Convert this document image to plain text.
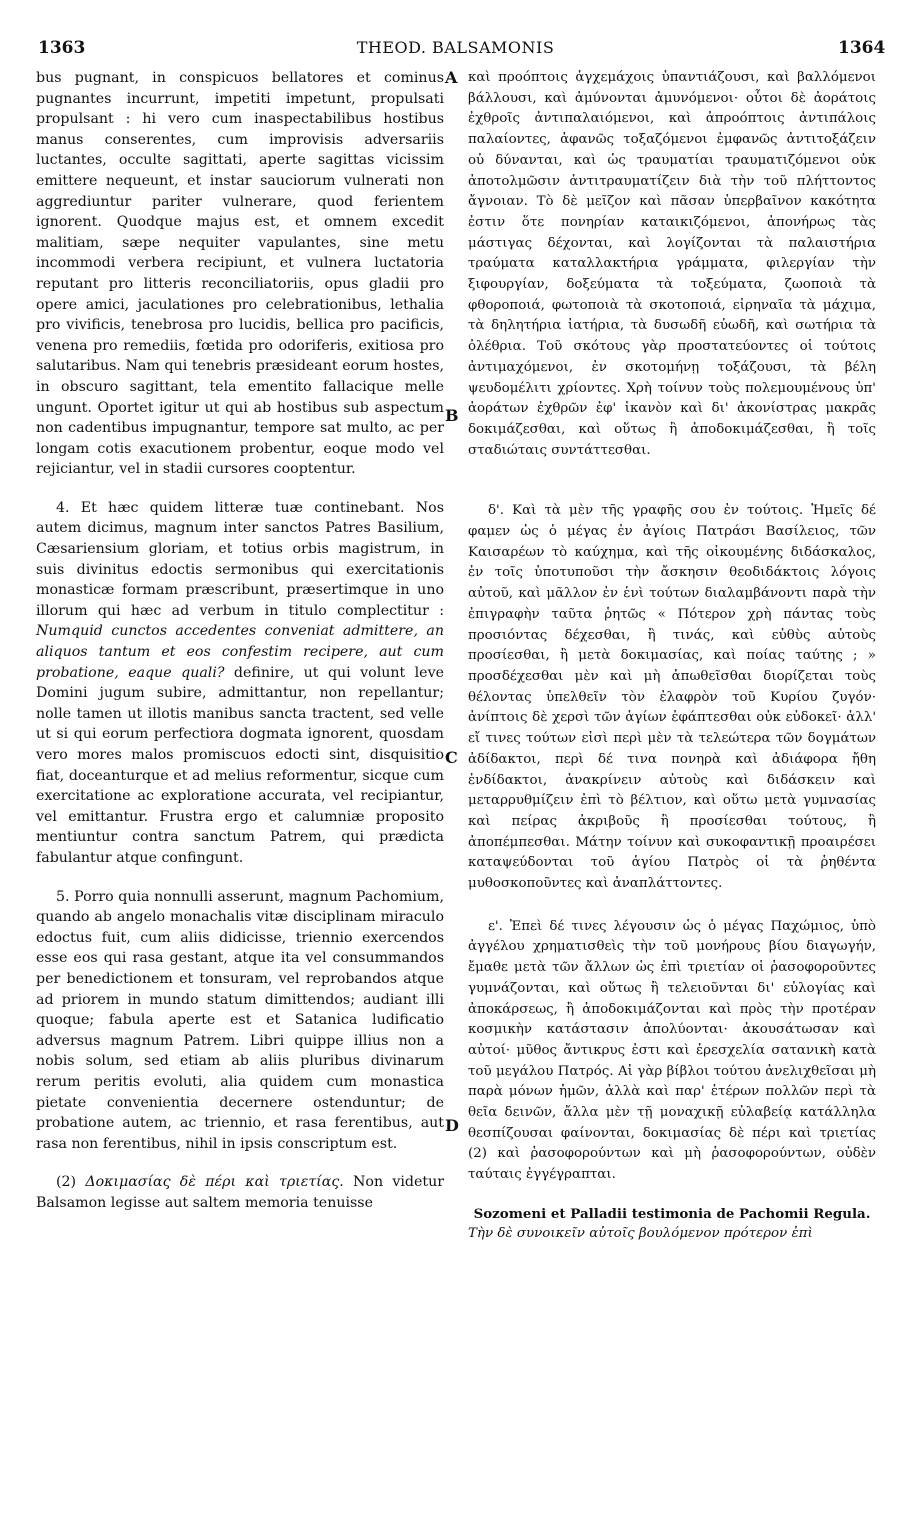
1363	THEOD. BALSAMONIS	1364
A
B
C
D

bus pugnant, in conspicuos bellatores et cominus pugnantes incurrunt, impetiti impetunt, propulsati propulsant : hi vero cum inaspectabilibus hostibus manus conserentes, cum improvisis adversariis luctantes, occulte sagittati, aperte sagittas vicissim emittere nequeunt, et instar sauciorum vulnerati non aggrediuntur pariter vulnerare, quod ferientem ignorent. Quodque majus est, et omnem excedit malitiam, sæpe nequiter vapulantes, sine metu incommodi verbera recipiunt, et vulnera luctatoria reputant pro litteris reconciliatoriis, opus gladii pro opere amici, jaculationes pro celebrationibus, lethalia pro vivificis, tenebrosa pro lucidis, bellica pro pacificis, venena pro remediis, fœtida pro odoriferis, exitiosa pro salutaribus. Nam qui tenebris præsideant eorum hostes, in obscuro sagittant, tela ementito fallacique melle ungunt. Oportet igitur ut qui ab hostibus sub aspectum non cadentibus impugnantur, tempore sat multo, ac per longam cotis exacutionem probentur, eoque modo vel rejiciantur, vel in stadii cursores cooptentur.

4. Et hæc quidem litteræ tuæ continebant. Nos autem dicimus, magnum inter sanctos Patres Basilium, Cæsariensium gloriam, et totius orbis magistrum, in suis divinitus edoctis sermonibus qui exercitationis monasticæ formam præscribunt, præsertimque in uno illorum qui hæc ad verbum in titulo complectitur : Numquid cunctos accedentes conveniat admittere, an aliquos tantum et eos confestim recipere, aut cum probatione, eaque quali? definire, ut qui volunt leve Domini jugum subire, admittantur, non repellantur; nolle tamen ut illotis manibus sancta tractent, sed velle ut si qui eorum perfectiora dogmata ignorent, quosdam vero mores malos promiscuos edocti sint, disquisitio fiat, doceanturque et ad melius reformentur, sicque cum exercitatione ac exploratione accurata, vel recipiantur, vel emittantur. Frustra ergo et calumniæ proposito mentiuntur contra sanctum Patrem, qui prædicta fabulantur atque confingunt.

5. Porro quia nonnulli asserunt, magnum Pachomium, quando ab angelo monachalis vitæ disciplinam miraculo edoctus fuit, cum aliis didicisse, triennio exercendos esse eos qui rasa gestant, atque ita vel consummandos per benedictionem et tonsuram, vel reprobandos atque ad priorem in mundo statum dimittendos; audiant illi quoque; fabula aperte est et Satanica ludificatio adversus magnum Patrem. Libri quippe illius non a nobis solum, sed etiam ab aliis pluribus divinarum rerum peritis evoluti, alia quidem cum monastica pietate convenientia decernere ostenduntur; de probatione autem, ac triennio, et rasa ferentibus, aut rasa non ferentibus, nihil in ipsis conscriptum est.

(2) Δοκιμασίας δὲ πέρι καὶ τριετίας. Non videtur Balsamon legisse aut saltem memoria tenuisse

καὶ προόπτοις ἀγχεμάχοις ὑπαντιάζουσι, καὶ βαλλόμενοι βάλλουσι, καὶ ἀμύνονται ἀμυνόμενοι· οὗτοι δὲ ἀοράτοις ἐχθροῖς ἀντιπαλαιόμενοι, καὶ ἀπροόπτοις ἀντιπάλοις παλαίοντες, ἀφανῶς τοξαζόμενοι ἐμφανῶς ἀντιτοξάζειν οὐ δύνανται, καὶ ὡς τραυματίαι τραυματιζόμενοι οὐκ ἀποτολμῶσιν ἀντιτραυματίζειν διὰ τὴν τοῦ πλήττοντος ἄγνοιαν. Τὸ δὲ μεῖζον καὶ πᾶσαν ὑπερβαῖνον κακότητα ἐστιν ὅτε πονηρίαν καταικιζόμενοι, ἀπονήρως τὰς μάστιγας δέχονται, καὶ λογίζονται τὰ παλαιστήρια τραύματα καταλλακτήρια γράμματα, φιλεργίαν τὴν ξιφουργίαν, δοξεύματα τὰ τοξεύματα, ζωοποιὰ τὰ φθοροποιά, φωτοποιὰ τὰ σκοτοποιά, εἰρηναῖα τὰ μάχιμα, τὰ δηλητήρια ἰατήρια, τὰ δυσωδῆ εὐωδῆ, καὶ σωτήρια τὰ ὀλέθρια. Τοῦ σκότους γὰρ προστατεύοντες οἱ τούτοις ἀντιμαχόμενοι, ἐν σκοτομήνῃ τοξάζουσι, τὰ βέλη ψευδομέλιτι χρίοντες. Χρὴ τοίνυν τοὺς πολεμουμένους ὑπ' ἀοράτων ἐχθρῶν ἐφ' ἱκανὸν καὶ δι' ἀκονίστρας μακρᾶς δοκιμάζεσθαι, καὶ οὕτως ἢ ἀποδοκιμάζεσθαι, ἢ τοῖς σταδιώταις συντάττεσθαι.

δ'. Καὶ τὰ μὲν τῆς γραφῆς σου ἐν τούτοις. Ἡμεῖς δέ φαμεν ὡς ὁ μέγας ἐν ἁγίοις Πατράσι Βασίλειος, τῶν Καισαρέων τὸ καύχημα, καὶ τῆς οἰκουμένης διδάσκαλος, ἐν τοῖς ὑποτυποῦσι τὴν ἄσκησιν θεοδιδάκτοις λόγοις αὐτοῦ, καὶ μᾶλλον ἐν ἑνὶ τούτων διαλαμβάνοντι παρὰ τὴν ἐπιγραφὴν ταῦτα ῥητῶς « Πότερον χρὴ πάντας τοὺς προσιόντας δέχεσθαι, ἢ τινάς, καὶ εὐθὺς αὐτοὺς προσίεσθαι, ἢ μετὰ δοκιμασίας, καὶ ποίας ταύτης ; » προσδέχεσθαι μὲν καὶ μὴ ἀπωθεῖσθαι διορίζεται τοὺς θέλοντας ὑπελθεῖν τὸν ἐλαφρὸν τοῦ Κυρίου ζυγόν· ἀνίπτοις δὲ χερσὶ τῶν ἁγίων ἐφάπτεσθαι οὐκ εὐδοκεῖ· ἀλλ' εἴ τινες τούτων εἰσὶ περὶ μὲν τὰ τελεώτερα τῶν δογμάτων ἀδίδακτοι, περὶ δέ τινα πονηρὰ καὶ ἀδιάφορα ἤθη ἐνδίδακτοι, ἀνακρίνειν αὐτοὺς καὶ διδάσκειν καὶ μεταρρυθμίζειν ἐπὶ τὸ βέλτιον, καὶ οὕτω μετὰ γυμνασίας καὶ πείρας ἀκριβοῦς ἢ προσίεσθαι τούτους, ἢ ἀποπέμπεσθαι. Μάτην τοίνυν καὶ συκοφαντικῇ προαιρέσει καταψεύδονται τοῦ ἁγίου Πατρὸς οἱ τὰ ῥηθέντα μυθοσκοποῦντες καὶ ἀναπλάττοντες.

ε'. Ἐπεὶ δέ τινες λέγουσιν ὡς ὁ μέγας Παχώμιος, ὑπὸ ἀγγέλου χρηματισθεὶς τὴν τοῦ μονήρους βίου διαγωγήν, ἔμαθε μετὰ τῶν ἄλλων ὡς ἐπὶ τριετίαν οἱ ῥασοφοροῦντες γυμνάζονται, καὶ οὕτως ἢ τελειοῦνται δι' εὐλογίας καὶ ἀποκάρσεως, ἢ ἀποδοκιμάζονται καὶ πρὸς τὴν προτέραν κοσμικὴν κατάστασιν ἀπολύονται· ἀκουσάτωσαν καὶ αὐτοί· μῦθος ἄντικρυς ἐστι καὶ ἐρεσχελία σατανικὴ κατὰ τοῦ μεγάλου Πατρός. Αἱ γὰρ βίβλοι τούτου ἀνελιχθεῖσαι μὴ παρὰ μόνων ἡμῶν, ἀλλὰ καὶ παρ' ἑτέρων πολλῶν περὶ τὰ θεῖα δεινῶν, ἄλλα μὲν τῇ μοναχικῇ εὐλαβείᾳ κατάλληλα θεσπίζουσαι φαίνονται, δοκιμασίας δὲ πέρι καὶ τριετίας (2) καὶ ῥασοφορούντων καὶ μὴ ῥασοφορούντων, οὐδὲν ταύταις ἐγγέγραπται.

Sozomeni et Palladii testimonia de Pachomii Regula.

Τὴν δὲ συνοικεῖν αὐτοῖς βουλόμενον πρότερον ἐπὶ
